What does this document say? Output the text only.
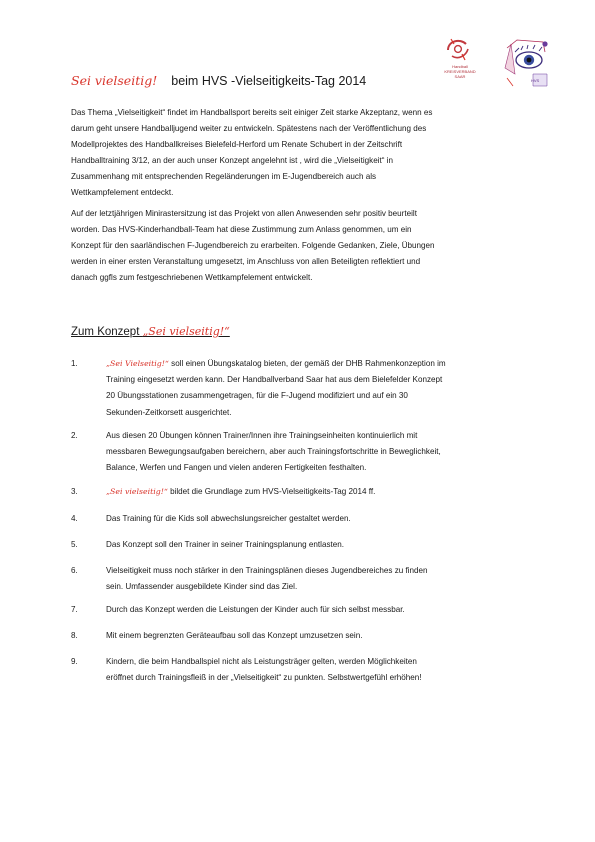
Handball
KREISVERBAND
SAAR
HVS
Sei vielseitig! beim HVS -Vielseitigkeits-Tag 2014
Das Thema „Vielseitigkeit“ findet im Handballsport bereits seit einiger Zeit starke Akzeptanz, wenn es
darum geht unsere Handballjugend weiter zu entwickeln. Spätestens nach der Veröffentlichung des
Modellprojektes des Handballkreises Bielefeld-Herford um Renate Schubert in der Zeitschrift
Handballtraining 3/12, an der auch unser Konzept angelehnt ist , wird die „Vielseitigkeit“ in
Zusammenhang mit entsprechenden Regeländerungen im E-Jugendbereich auch als
Wettkampfelement entdeckt.
Auf der letztjährigen Minirastersitzung ist das Projekt von allen Anwesenden sehr positiv beurteilt
worden. Das HVS-Kinderhandball-Team hat diese Zustimmung zum Anlass genommen, um ein
Konzept für den saarländischen F-Jugendbereich zu erarbeiten. Folgende Gedanken, Ziele, Übungen
werden in einer ersten Veranstaltung umgesetzt, im Anschluss von allen Beteiligten reflektiert und
danach ggfls zum festgeschriebenen Wettkampfelement entwickelt.
Zum Konzept „Sei vielseitig!“
1.	„Sei Vielseitig!“ soll einen Übungskatalog bieten, der gemäß der DHB Rahmenkonzeption im
Training eingesetzt werden kann. Der Handballverband Saar hat aus dem Bielefelder Konzept
20 Übungsstationen zusammengetragen, für die F-Jugend modifiziert und auf ein 30
Sekunden-Zeitkorsett ausgerichtet.
2.	Aus diesen 20 Übungen können Trainer/Innen ihre Trainingseinheiten kontinuierlich mit
messbaren Bewegungsaufgaben bereichern, aber auch Trainingsfortschritte in Beweglichkeit,
Balance, Werfen und Fangen und vielen anderen Fertigkeiten festhalten.
3.	„Sei vielseitig!“ bildet die Grundlage zum HVS-Vielseitigkeits-Tag 2014 ff.
4.	Das Training für die Kids soll abwechslungsreicher gestaltet werden.
5.	Das Konzept soll den Trainer in seiner Trainingsplanung entlasten.
6.	Vielseitigkeit muss noch stärker in den Trainingsplänen dieses Jugendbereiches zu finden
sein. Umfassender ausgebildete Kinder sind das Ziel.
7.	Durch das Konzept werden die Leistungen der Kinder auch für sich selbst messbar.
8.	Mit einem begrenzten Geräteaufbau soll das Konzept umzusetzen sein.
9.	Kindern, die beim Handballspiel nicht als Leistungsträger gelten, werden Möglichkeiten
eröffnet durch Trainingsfleiß in der „Vielseitigkeit“ zu punkten. Selbstwertgefühl erhöhen!
